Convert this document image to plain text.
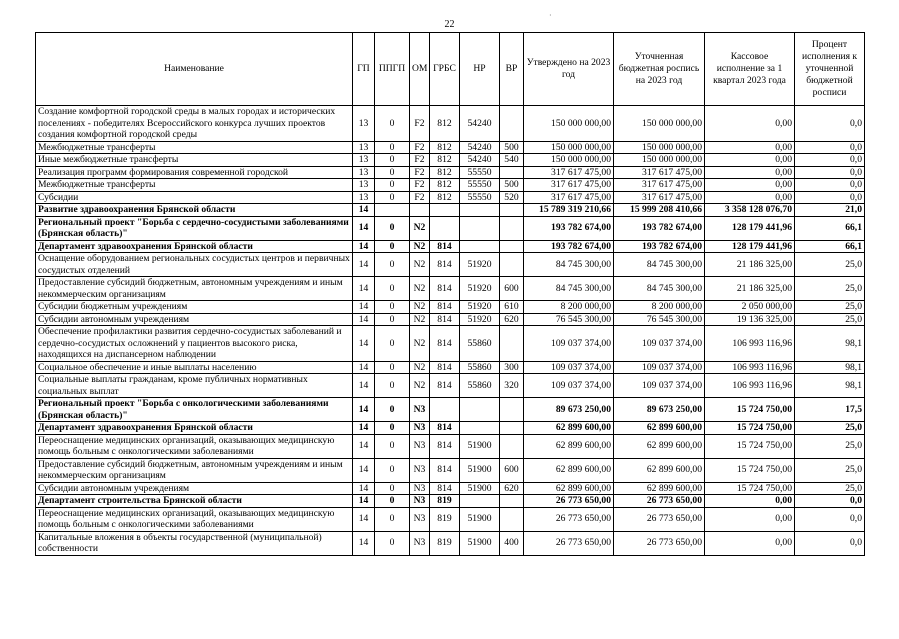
22
·
Наименование	ГП	ППГП	ОМ	ГРБС	НР	ВР	Утверждено на 2023 год	Уточненная бюджетная роспись на 2023 год	Кассовое исполнение за 1 квартал 2023 года	Процент исполнения к уточненной бюджетной росписи
Создание комфортной городской среды в малых городах и исторических поселениях - победителях Всероссийского конкурса лучших проектов создания комфортной городской среды	13	0	F2	812	54240		150 000 000,00	150 000 000,00	0,00	0,0
Межбюджетные трансферты	13	0	F2	812	54240	500	150 000 000,00	150 000 000,00	0,00	0,0
Иные межбюджетные трансферты	13	0	F2	812	54240	540	150 000 000,00	150 000 000,00	0,00	0,0
Реализация программ формирования современной городской	13	0	F2	812	55550		317 617 475,00	317 617 475,00	0,00	0,0
Межбюджетные трансферты	13	0	F2	812	55550	500	317 617 475,00	317 617 475,00	0,00	0,0
Субсидии	13	0	F2	812	55550	520	317 617 475,00	317 617 475,00	0,00	0,0
Развитие здравоохранения Брянской области	14						15 789 319 210,66	15 999 208 410,66	3 358 128 076,70	21,0
Региональный проект "Борьба с сердечно-сосудистыми заболеваниями (Брянская область)"	14	0	N2				193 782 674,00	193 782 674,00	128 179 441,96	66,1
Департамент здравоохранения Брянской области	14	0	N2	814			193 782 674,00	193 782 674,00	128 179 441,96	66,1
Оснащение оборудованием региональных сосудистых центров и первичных сосудистых отделений	14	0	N2	814	51920		84 745 300,00	84 745 300,00	21 186 325,00	25,0
Предоставление субсидий бюджетным, автономным учреждениям и иным некоммерческим организациям	14	0	N2	814	51920	600	84 745 300,00	84 745 300,00	21 186 325,00	25,0
Субсидии бюджетным учреждениям	14	0	N2	814	51920	610	8 200 000,00	8 200 000,00	2 050 000,00	25,0
Субсидии автономным учреждениям	14	0	N2	814	51920	620	76 545 300,00	76 545 300,00	19 136 325,00	25,0
Обеспечение профилактики развития сердечно-сосудистых заболеваний и сердечно-сосудистых осложнений у пациентов высокого риска, находящихся на диспансерном наблюдении	14	0	N2	814	55860		109 037 374,00	109 037 374,00	106 993 116,96	98,1
Социальное обеспечение и иные выплаты населению	14	0	N2	814	55860	300	109 037 374,00	109 037 374,00	106 993 116,96	98,1
Социальные выплаты гражданам, кроме публичных нормативных социальных выплат	14	0	N2	814	55860	320	109 037 374,00	109 037 374,00	106 993 116,96	98,1
Региональный проект "Борьба с онкологическими заболеваниями (Брянская область)"	14	0	N3				89 673 250,00	89 673 250,00	15 724 750,00	17,5
Департамент здравоохранения Брянской области	14	0	N3	814			62 899 600,00	62 899 600,00	15 724 750,00	25,0
Переоснащение медицинских организаций, оказывающих медицинскую помощь больным с онкологическими заболеваниями	14	0	N3	814	51900		62 899 600,00	62 899 600,00	15 724 750,00	25,0
Предоставление субсидий бюджетным, автономным учреждениям и иным некоммерческим организациям	14	0	N3	814	51900	600	62 899 600,00	62 899 600,00	15 724 750,00	25,0
Субсидии автономным учреждениям	14	0	N3	814	51900	620	62 899 600,00	62 899 600,00	15 724 750,00	25,0
Департамент строительства Брянской области	14	0	N3	819			26 773 650,00	26 773 650,00	0,00	0,0
Переоснащение медицинских организаций, оказывающих медицинскую помощь больным с онкологическими заболеваниями	14	0	N3	819	51900		26 773 650,00	26 773 650,00	0,00	0,0
Капитальные вложения в объекты государственной (муниципальной) собственности	14	0	N3	819	51900	400	26 773 650,00	26 773 650,00	0,00	0,0
